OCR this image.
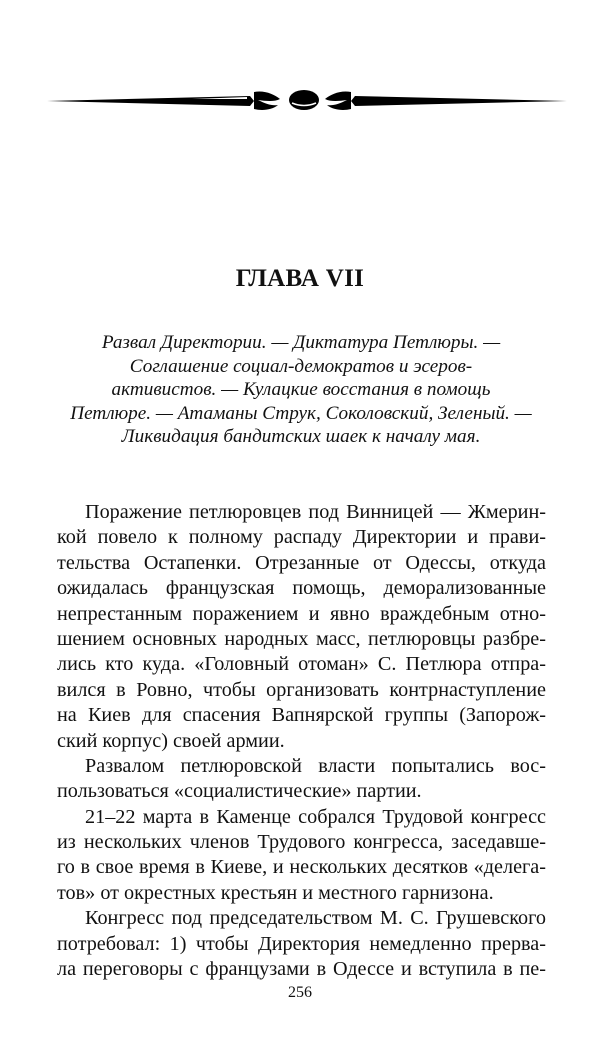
ГЛАВА VII
Развал Директории. — Диктатура Петлюры. —
Соглашение социал-демократов и эсеров-
активистов. — Кулацкие восстания в помощь
Петлюре. — Атаманы Струк, Соколовский, Зеленый. —
Ликвидация бандитских шаек к началу мая.
Поражение петлюровцев под Винницей — Жмерин-
кой повело к полному распаду Директории и прави-
тельства Остапенки. Отрезанные от Одессы, откуда
ожидалась французская помощь, деморализованные
непрестанным поражением и явно враждебным отно-
шением основных народных масс, петлюровцы разбре-
лись кто куда. «Головный отоман» С. Петлюра отпра-
вился в Ровно, чтобы организовать контрнаступление
на Киев для спасения Вапнярской группы (Запорож-
ский корпус) своей армии.
Развалом петлюровской власти попытались вос-
пользоваться «социалистические» партии.
21–22 марта в Каменце собрался Трудовой конгресс
из нескольких членов Трудового конгресса, заседавше-
го в свое время в Киеве, и нескольких десятков «делега-
тов» от окрестных крестьян и местного гарнизона.
Конгресс под председательством М. С. Грушевского
потребовал: 1) чтобы Директория немедленно прерва-
ла переговоры с французами в Одессе и вступила в пе-
256
